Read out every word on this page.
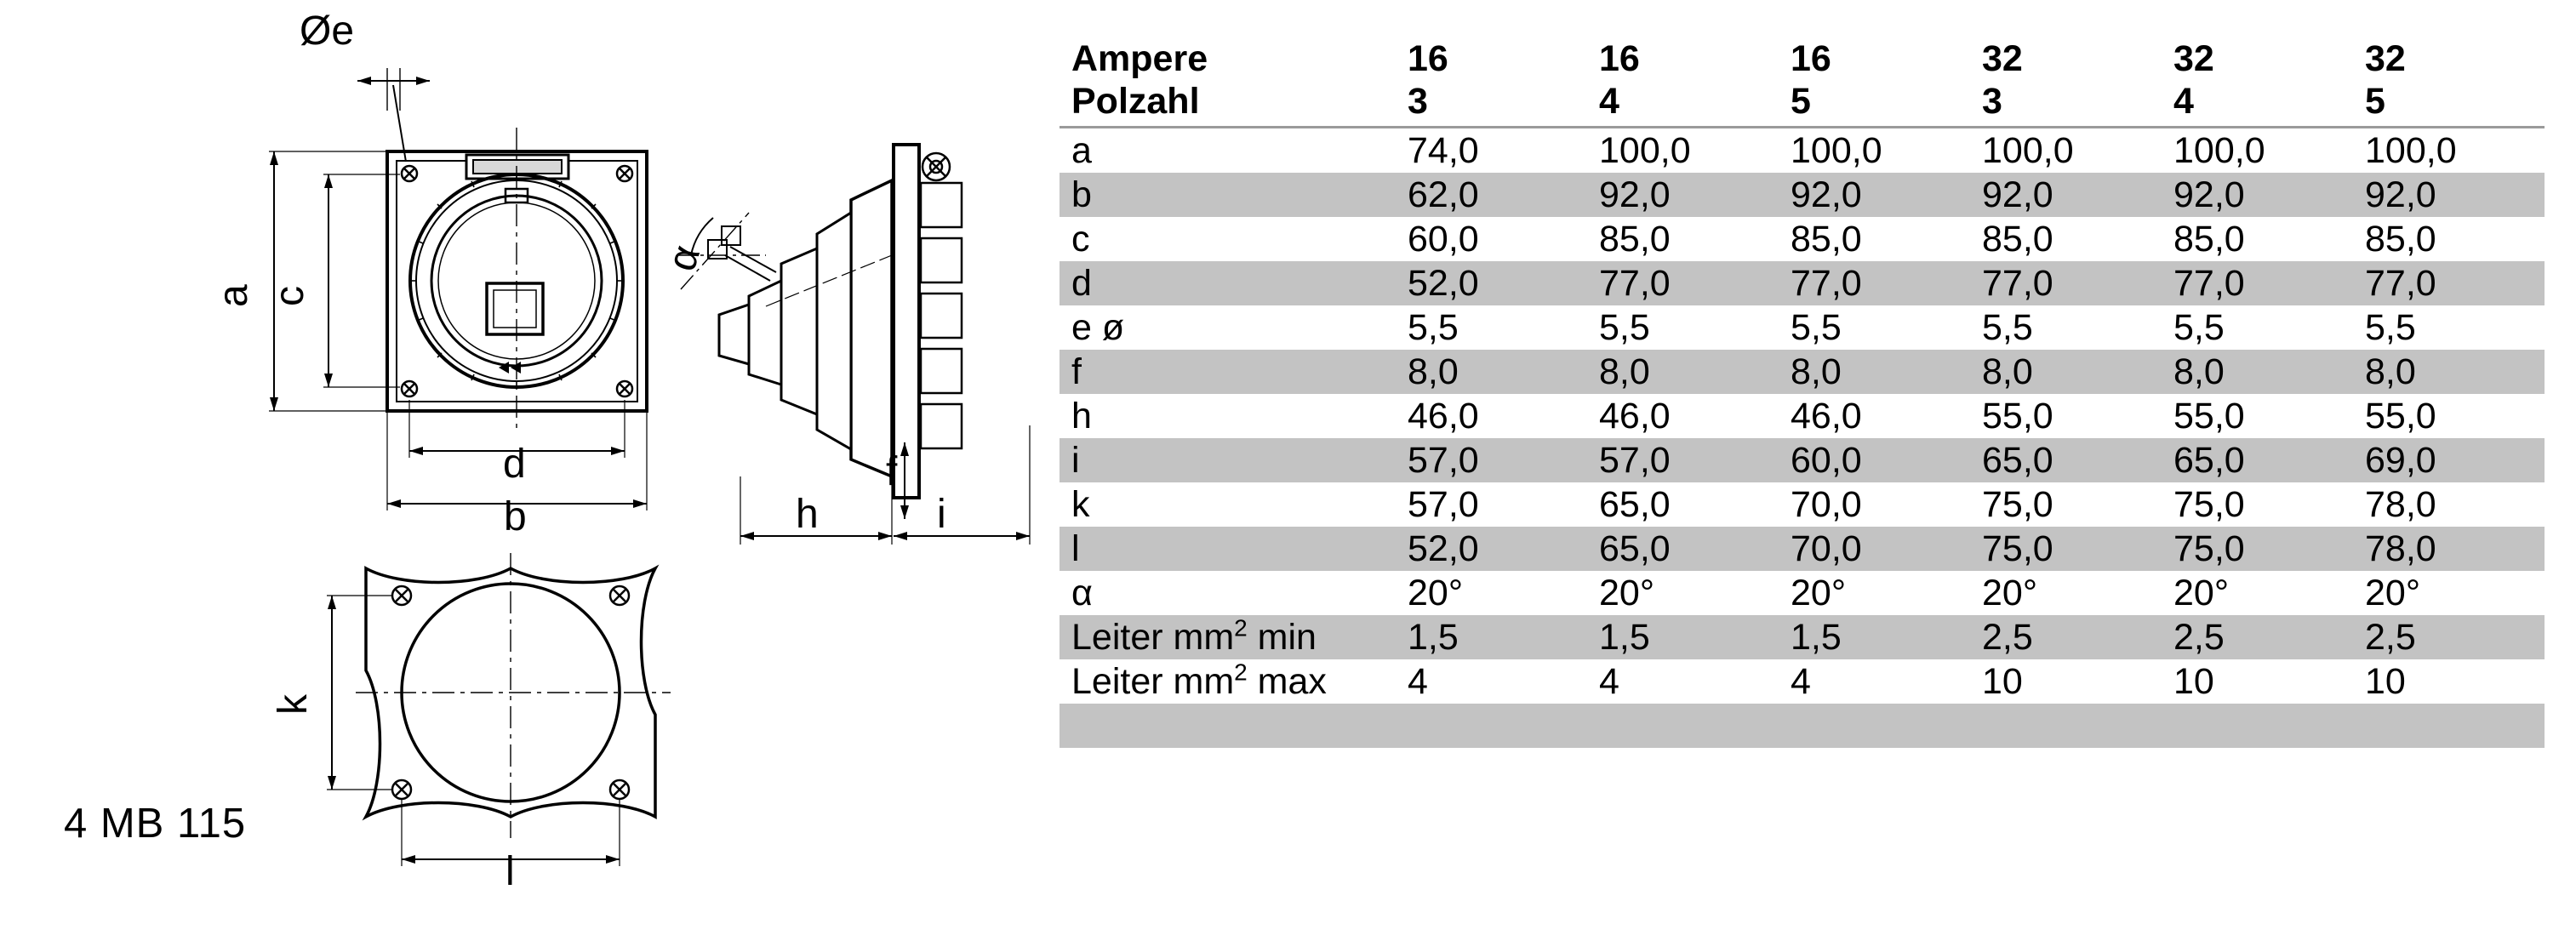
Øe
a c
d
b
f
h	i
k
l
α
4 MB 115
Ampere	16	16	16	32	32	32
Polzahl	3	4	5	3	4	5
a	74,0	100,0	100,0	100,0	100,0	100,0
b	62,0	92,0	92,0	92,0	92,0	92,0
c	60,0	85,0	85,0	85,0	85,0	85,0
d	52,0	77,0	77,0	77,0	77,0	77,0
e ø	5,5	5,5	5,5	5,5	5,5	5,5
f	8,0	8,0	8,0	8,0	8,0	8,0
h	46,0	46,0	46,0	55,0	55,0	55,0
i	57,0	57,0	60,0	65,0	65,0	69,0
k	57,0	65,0	70,0	75,0	75,0	78,0
l	52,0	65,0	70,0	75,0	75,0	78,0
α	20°	20°	20°	20°	20°	20°
Leiter $mm^2$ min	1,5	1,5	1,5	2,5	2,5	2,5
Leiter $mm^2$ max	4	4	4	10	10	10
